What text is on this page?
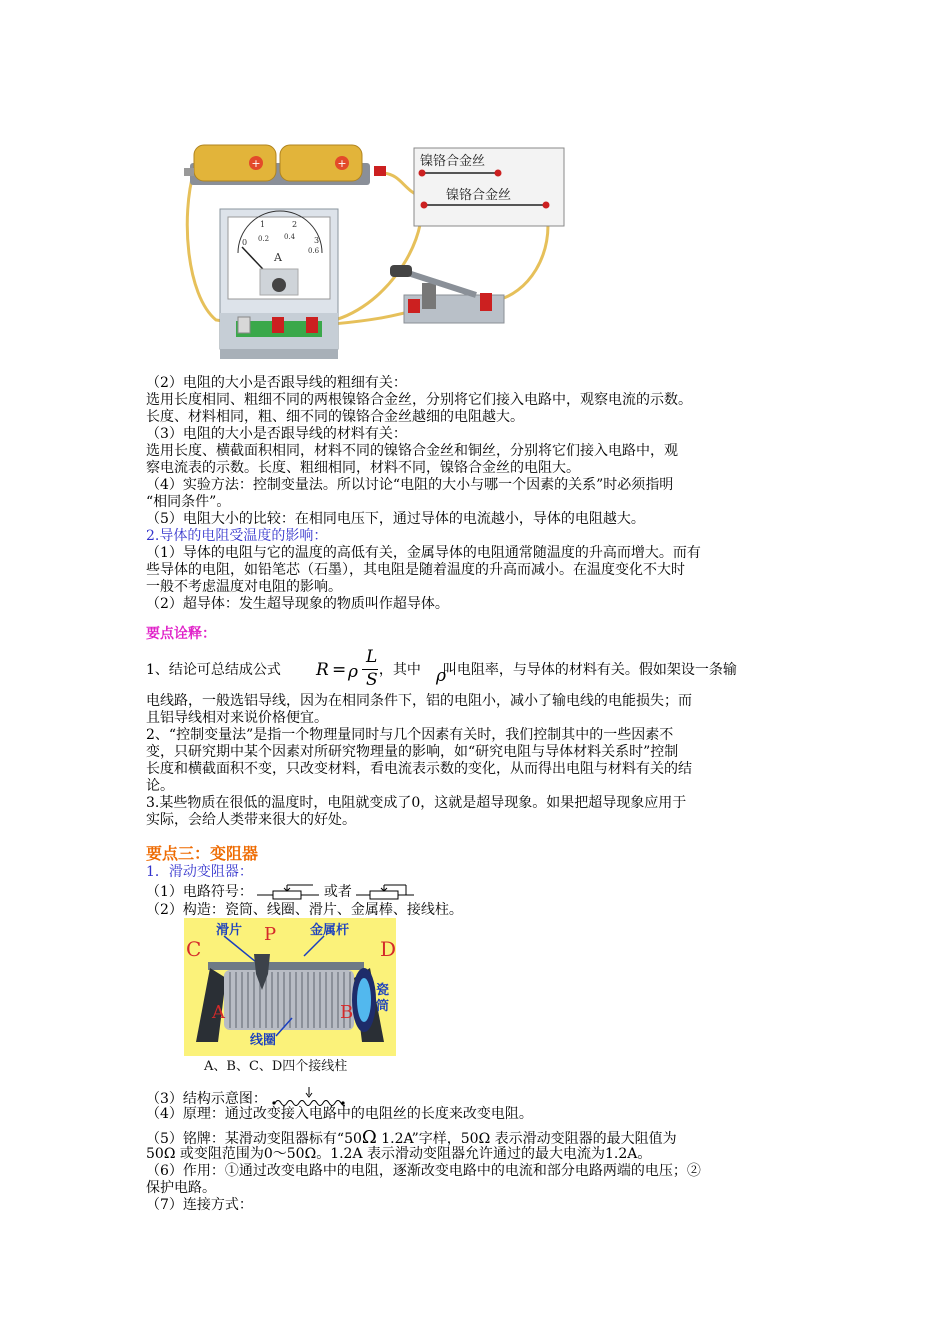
+	+	镍铬合金丝
镍铬合金丝
0
1	2
3
0.2 0.4
0.6
A
（2）电阻的大小是否跟导线的粗细有关：
选用长度相同、粗细不同的两根镍铬合金丝，分别将它们接入电路中，观察电流的示数。
长度、材料相同，粗、细不同的镍铬合金丝越细的电阻越大。
（3）电阻的大小是否跟导线的材料有关：
选用长度、横截面积相同，材料不同的镍铬合金丝和铜丝，分别将它们接入电路中，观
察电流表的示数。长度、粗细相同，材料不同，镍铬合金丝的电阻大。
（4）实验方法：控制变量法。所以讨论“电阻的大小与哪一个因素的关系”时必须指明
“相同条件”。
（5）电阻大小的比较：在相同电压下，通过导体的电流越小，导体的电阻越大。
2.导体的电阻受温度的影响：
（1）导体的电阻与它的温度的高低有关，金属导体的电阻通常随温度的升高而增大。而有
些导体的电阻，如铅笔芯（石墨），其电阻是随着温度的升高而减小。在温度变化不大时
一般不考虑温度对电阻的影响。
（2）超导体：发生超导现象的物质叫作超导体。
要点诠释：
1、结论可总结成公式	，其中 叫电阻率，与导体的材料有关。假如架设一条输
R = ρ
L
S	ρ
电线路，一般选铝导线，因为在相同条件下，铝的电阻小，减小了输电线的电能损失；而
且铝导线相对来说价格便宜。
2、“控制变量法”是指一个物理量同时与几个因素有关时，我们控制其中的一些因素不
变，只研究期中某个因素对所研究物理量的影响，如“研究电阻与导体材料关系时”控制
长度和横截面积不变，只改变材料，看电流表示数的变化，从而得出电阻与材料有关的结
论。
3.某些物质在很低的温度时，电阻就变成了0，这就是超导现象。如果把超导现象应用于
实际，会给人类带来很大的好处。
要点三：变阻器
1．滑动变阻器：
（1）电路符号：	或者
（2）构造：瓷筒、线圈、滑片、金属棒、接线柱。
C	D
滑片 P	金属杆
瓷
筒
A	B
线圈
A、B、C、D四个接线柱
（3）结构示意图：
（4）原理：通过改变接入电路中的电阻丝的长度来改变电阻。
（5）铭牌：某滑动变阻器标有“50Ω 1.2A”字样，50Ω 表示滑动变阻器的最大阻值为
50Ω 或变阻范围为0～50Ω。1.2A 表示滑动变阻器允许通过的最大电流为1.2A。
（6）作用：①通过改变电路中的电阻，逐渐改变电路中的电流和部分电路两端的电压；②
保护电路。
（7）连接方式：
